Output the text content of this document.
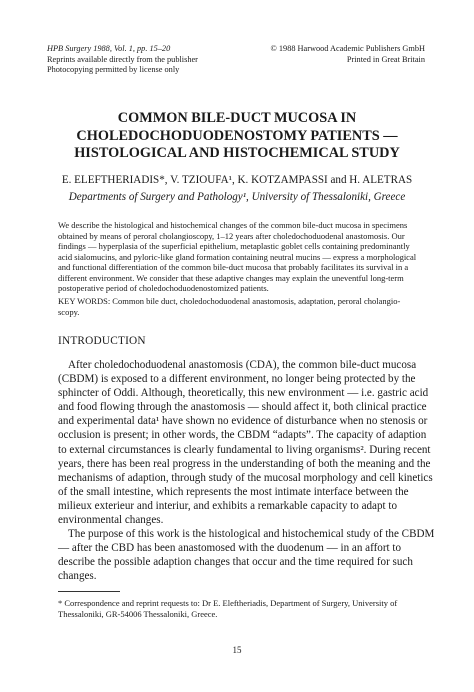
HPB Surgery 1988, Vol. 1, pp. 15–20
Reprints available directly from the publisher
Photocopying permitted by license only
© 1988 Harwood Academic Publishers GmbH
Printed in Great Britain
COMMON BILE-DUCT MUCOSA IN
CHOLEDOCHODUODENOSTOMY PATIENTS —
HISTOLOGICAL AND HISTOCHEMICAL STUDY
E. ELEFTHERIADIS*, V. TZIOUFA¹, K. KOTZAMPASSI and H. ALETRAS
Departments of Surgery and Pathology¹, University of Thessaloniki, Greece
We describe the histological and histochemical changes of the common bile-duct mucosa in specimens
obtained by means of peroral cholangioscopy, 1–12 years after choledochoduodenal anastomosis. Our
findings — hyperplasia of the superficial epithelium, metaplastic goblet cells containing predominantly
acid sialomucins, and pyloric-like gland formation containing neutral mucins — express a morphological
and functional differentiation of the common bile-duct mucosa that probably facilitates its survival in a
different environment. We consider that these adaptive changes may explain the uneventful long-term
postoperative period of choledochoduodenostomized patients.
KEY WORDS: Common bile duct, choledochoduodenal anastomosis, adaptation, peroral cholangio-
scopy.
INTRODUCTION
After choledochoduodenal anastomosis (CDA), the common bile-duct mucosa
(CBDM) is exposed to a different environment, no longer being protected by the
sphincter of Oddi. Although, theoretically, this new environment — i.e. gastric acid
and food flowing through the anastomosis — should affect it, both clinical practice
and experimental data¹ have shown no evidence of disturbance when no stenosis or
occlusion is present; in other words, the CBDM “adapts”. The capacity of adaption
to external circumstances is clearly fundamental to living organisms². During recent
years, there has been real progress in the understanding of both the meaning and the
mechanisms of adaption, through study of the mucosal morphology and cell kinetics
of the small intestine, which represents the most intimate interface between the
milieux exterieur and interiur, and exhibits a remarkable capacity to adapt to
environmental changes.
The purpose of this work is the histological and histochemical study of the CBDM
— after the CBD has been anastomosed with the duodenum — in an affort to
describe the possible adaption changes that occur and the time required for such
changes.
* Correspondence and reprint requests to: Dr E. Eleftheriadis, Department of Surgery, University of
Thessaloniki, GR-54006 Thessaloniki, Greece.
15
